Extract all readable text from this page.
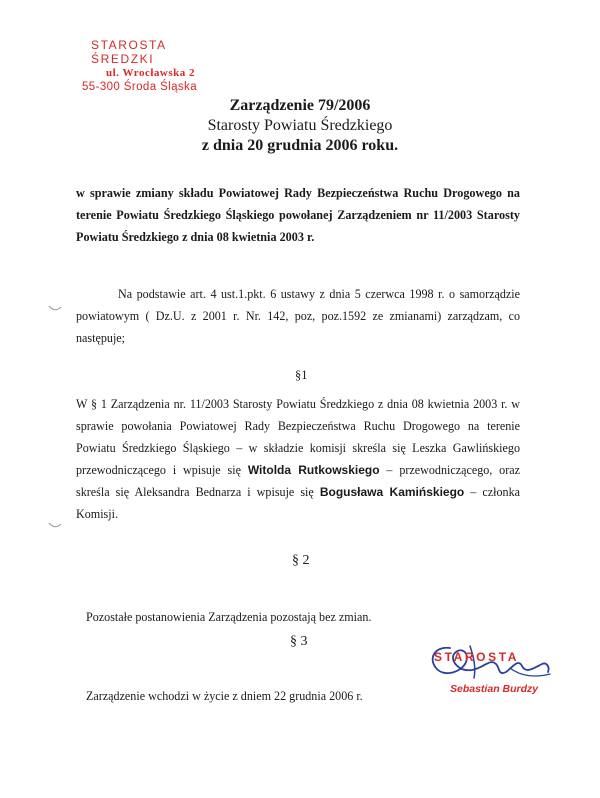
STAROSTA ŚREDZKI
ul. Wrocławska 2
55-300 Środa Śląska
Zarządzenie 79/2006
Starosty Powiatu Średzkiego
z dnia 20 grudnia 2006 roku.
w sprawie zmiany składu Powiatowej Rady Bezpieczeństwa Ruchu Drogowego na terenie Powiatu Średzkiego Śląskiego powołanej Zarządzeniem nr 11/2003 Starosty Powiatu Średzkiego z dnia 08 kwietnia 2003 r.
Na podstawie art. 4 ust.1.pkt. 6 ustawy z dnia 5 czerwca 1998 r. o samorządzie powiatowym ( Dz.U. z 2001 r. Nr. 142, poz, poz.1592 ze zmianami) zarządzam, co następuje;
§1
W § 1 Zarządzenia nr. 11/2003 Starosty Powiatu Średzkiego z dnia 08 kwietnia 2003 r. w sprawie powołania Powiatowej Rady Bezpieczeństwa Ruchu Drogowego na terenie Powiatu Średzkiego Śląskiego – w składzie komisji skreśla się Leszka Gawlińskiego przewodniczącego i wpisuje się Witolda Rutkowskiego – przewodniczącego, oraz skreśla się Aleksandra Bednarza i wpisuje się Bogusława Kamińskiego – członka Komisji.
§ 2
Pozostałe postanowienia Zarządzenia pozostają bez zmian.
§ 3
Zarządzenie wchodzi w życie z dniem 22 grudnia 2006 r.
STAROSTA
Sebastian Burdzy
